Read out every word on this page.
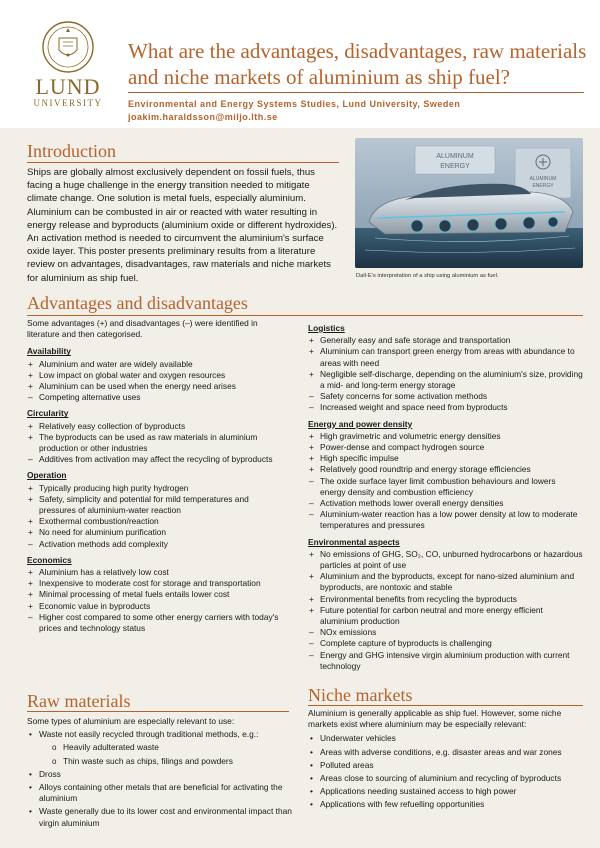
LUND
UNIVERSITY
What are the advantages, disadvantages, raw materials and niche markets of aluminium as ship fuel?
Environmental and Energy Systems Studies, Lund University, Sweden
joakim.haraldsson@miljo.lth.se
Introduction
Ships are globally almost exclusively dependent on fossil fuels, thus facing a huge challenge in the energy transition needed to mitigate climate change. One solution is metal fuels, especially aluminium. Aluminium can be combusted in air or reacted with water resulting in energy release and byproducts (aluminium oxide or different hydroxides). An activation method is needed to circumvent the aluminium's surface oxide layer. This poster presents preliminary results from a literature review on advantages, disadvantages, raw materials and niche markets for aluminium as ship fuel.
ALUMINUM
ENERGY
ALUMINUM
ENERGY
Dall-E's interpretation of a ship using aluminium as fuel.
Advantages and disadvantages

Some advantages (+) and disadvantages (–) were identified in literature and then categorised.

Availability
+ Aluminium and water are widely available
+ Low impact on global water and oxygen resources
+ Aluminium can be used when the energy need arises
– Competing alternative uses
Circularity
+ Relatively easy collection of byproducts
+ The byproducts can be used as raw materials in aluminium production or other industries
– Additives from activation may affect the recycling of byproducts
Operation
+ Typically producing high purity hydrogen
+ Safety, simplicity and potential for mild temperatures and pressures of aluminium-water reaction
+ Exothermal combustion/reaction
+ No need for aluminium purification
– Activation methods add complexity
Economics
+ Aluminium has a relatively low cost
+ Inexpensive to moderate cost for storage and transportation
+ Minimal processing of metal fuels entails lower cost
+ Economic value in byproducts
– Higher cost compared to some other energy carriers with today's prices and technology status
Logistics
+ Generally easy and safe storage and transportation
+ Aluminium can transport green energy from areas with abundance to areas with need
+ Negligible self-discharge, depending on the aluminium's size, providing a mid- and long-term energy storage
– Safety concerns for some activation methods
– Increased weight and space need from byproducts
Energy and power density
+ High gravimetric and volumetric energy densities
+ Power-dense and compact hydrogen source
+ High specific impulse
+ Relatively good roundtrip and energy storage efficiencies
– The oxide surface layer limit combustion behaviours and lowers energy density and combustion efficiency
– Activation methods lower overall energy densities
– Aluminium-water reaction has a low power density at low to moderate temperatures and pressures
Environmental aspects
+ No emissions of GHG, SO₂, CO, unburned hydrocarbons or hazardous particles at point of use
+ Aluminium and the byproducts, except for nano-sized aluminium and byproducts, are nontoxic and stable
+ Environmental benefits from recycling the byproducts
+ Future potential for carbon neutral and more energy efficient aluminium production
– NOx emissions
– Complete capture of byproducts is challenging
– Energy and GHG intensive virgin aluminium production with current technology
Raw materials

Some types of aluminium are especially relevant to use:

• Waste not easily recycled through traditional methods, e.g.:
o Heavily adulterated waste
o Thin waste such as chips, filings and powders
• Dross
• Alloys containing other metals that are beneficial for activating the aluminium
• Waste generally due to its lower cost and environmental impact than virgin aluminium
Niche markets

Aluminium is generally applicable as ship fuel. However, some niche markets exist where aluminium may be especially relevant:

• Underwater vehicles
• Areas with adverse conditions, e.g. disaster areas and war zones
• Polluted areas
• Areas close to sourcing of aluminium and recycling of byproducts
• Applications needing sustained access to high power
• Applications with few refuelling opportunities
